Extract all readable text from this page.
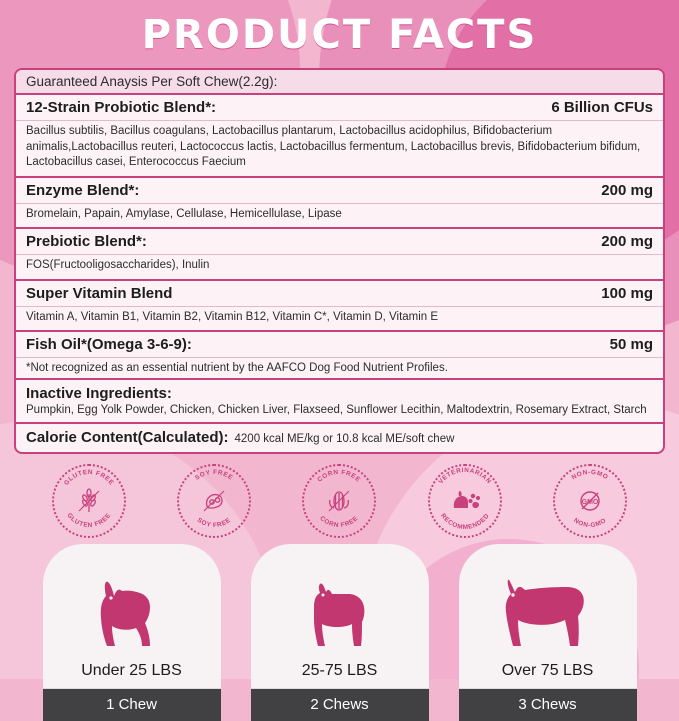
PRODUCT FACTS
Guaranteed Anaysis Per Soft Chew(2.2g):
12-Strain Probiotic Blend*:	6 Billion CFUs
Bacillus subtilis, Bacillus coagulans, Lactobacillus plantarum, Lactobacillus acidophilus, Bifidobacterium animalis,Lactobacillus reuteri, Lactococcus lactis, Lactobacillus fermentum, Lactobacillus brevis, Bifidobacterium bifidum, Lactobacillus casei, Enterococcus Faecium
Enzyme Blend*:	200 mg
Bromelain, Papain, Amylase, Cellulase, Hemicellulase, Lipase
Prebiotic Blend*:	200 mg
FOS(Fructooligosaccharides), Inulin
Super Vitamin Blend	100 mg
Vitamin A, Vitamin B1, Vitamin B2, Vitamin B12, Vitamin C*, Vitamin D, Vitamin E
Fish Oil*(Omega 3-6-9):	50 mg
*Not recognized as an essential nutrient by the AAFCO Dog Food Nutrient Profiles.
Inactive Ingredients:
Pumpkin, Egg Yolk Powder, Chicken, Chicken Liver, Flaxseed, Sunflower Lecithin, Maltodextrin, Rosemary Extract, Starch
Calorie Content(Calculated): 4200 kcal ME/kg or 10.8 kcal ME/soft chew
GLUTEN FREE
GLUTEN FREE
SOY FREE
SOY FREE
CORN FREE
CORN FREE
VETERINARIAN
RECOMMENDED
NON-GMO
NON-GMO
GMO
Under 25 LBS
1 Chew
25-75 LBS
2 Chews
Over 75 LBS
3 Chews
